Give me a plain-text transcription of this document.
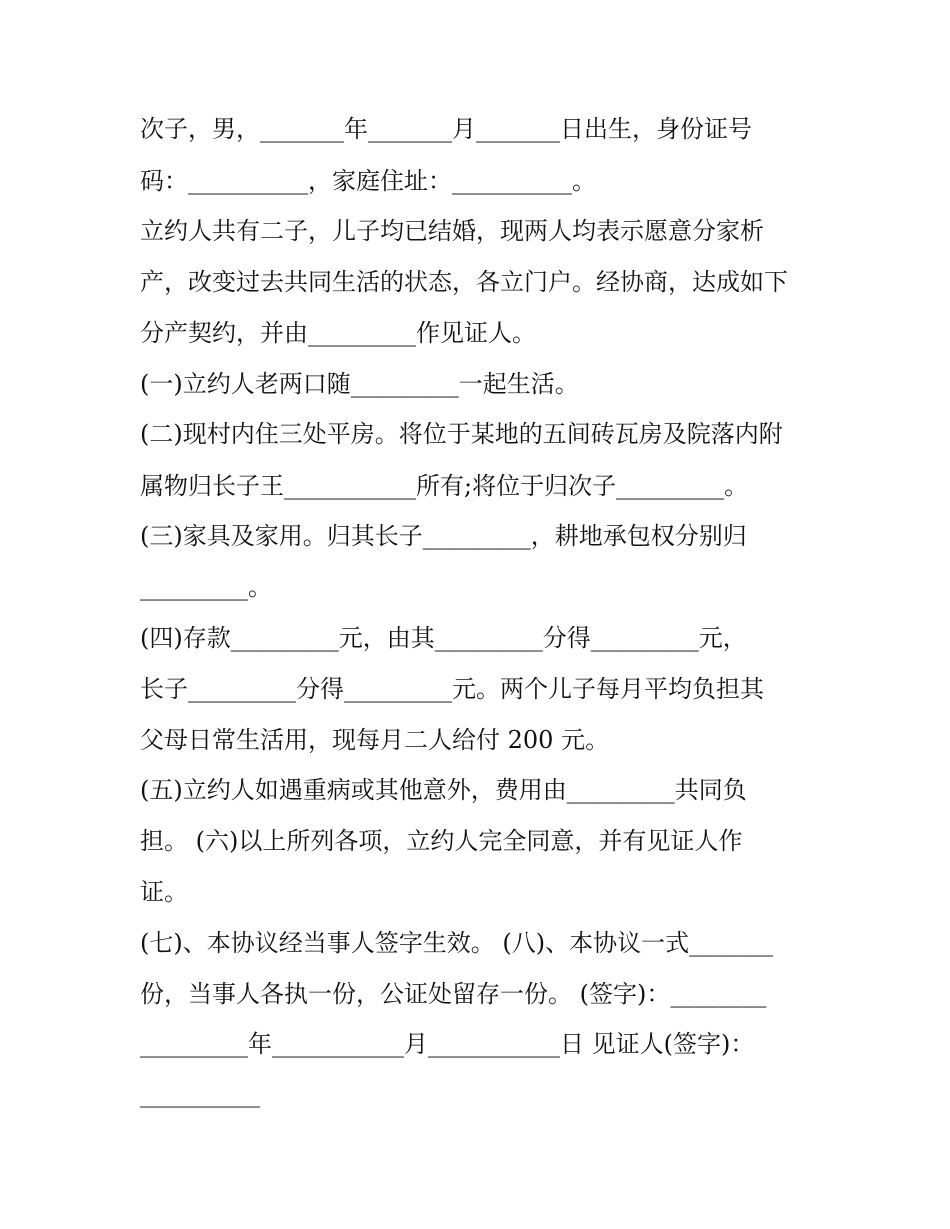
次子，男，_______年_______月_______日出生，身份证号
码：__________，家庭住址：__________。
立约人共有二子，儿子均已结婚，现两人均表示愿意分家析
产，改变过去共同生活的状态，各立门户。经协商，达成如下
分产契约，并由_________作见证人。
(一)立约人老两口随_________一起生活。
(二)现村内住三处平房。将位于某地的五间砖瓦房及院落内附
属物归长子王___________所有;将位于归次子_________。
(三)家具及家用。归其长子_________，耕地承包权分别归
_________。
(四)存款_________元，由其_________分得_________元，
长子_________分得_________元。两个儿子每月平均负担其
父母日常生活用，现每月二人给付 200 元。
(五)立约人如遇重病或其他意外，费用由_________共同负
担。 (六)以上所列各项，立约人完全同意，并有见证人作
证。
(七)、本协议经当事人签字生效。 (八)、本协议一式_______
份，当事人各执一份，公证处留存一份。 (签字)：________
_________年___________月___________日 见证人(签字)：
__________
